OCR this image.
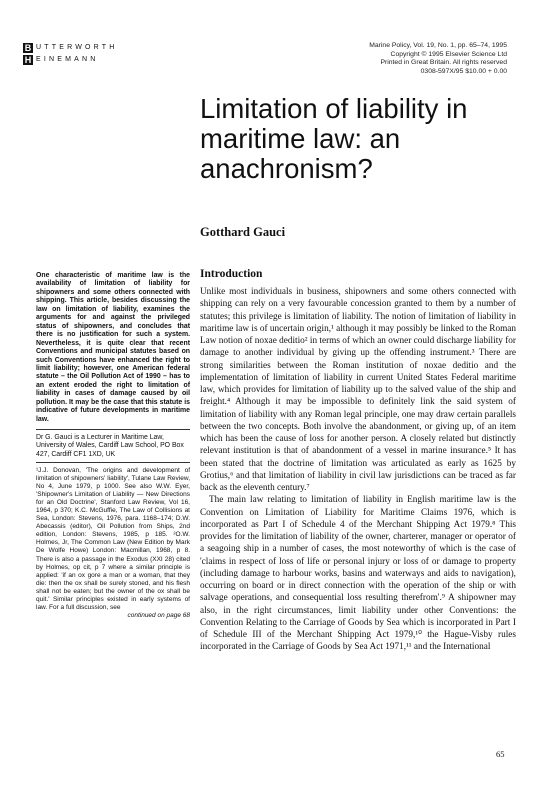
B UTTERWORTH
H EINEMANN
Marine Policy, Vol. 19, No. 1, pp. 65–74, 1995
Copyright © 1995 Elsevier Science Ltd
Printed in Great Britain. All rights reserved
0308-597X/95 $10.00 + 0.00
Limitation of liability in maritime law: an anachronism?
Gotthard Gauci
One characteristic of maritime law is the availability of limitation of liability for shipowners and some others connected with shipping. This article, besides discussing the law on limitation of liability, examines the arguments for and against the privileged status of shipowners, and concludes that there is no justification for such a system. Nevertheless, it is quite clear that recent Conventions and municipal statutes based on such Conventions have enhanced the right to limit liability; however, one American federal statute – the Oil Pollution Act of 1990 – has to an extent eroded the right to limitation of liability in cases of damage caused by oil pollution. It may be the case that this statute is indicative of future developments in maritime law.
Dr G. Gauci is a Lecturer in Maritime Law, University of Wales, Cardiff Law School, PO Box 427, Cardiff CF1 1XD, UK
¹J.J. Donovan, 'The origins and development of limitation of shipowners' liability', Tulane Law Review, No 4, June 1979, p 1000. See also W.W. Eyer, 'Shipowner's Limitation of Liability — New Directions for an Old Doctrine', Stanford Law Review, Vol 16, 1964, p 370; K.C. McGuffie, The Law of Collisions at Sea, London: Stevens, 1976, para. 1168–174; D.W. Abecassis (editor), Oil Pollution from Ships, 2nd edition, London: Stevens, 1985, p 185. ²O.W. Holmes, Jr, The Common Law (New Edition by Mark De Wolfe Howe) London: Macmillan, 1968, p 8. There is also a passage in the Exodus (XXI 28) cited by Holmes, op cit, p 7 where a similar principle is applied: 'if an ox gore a man or a woman, that they die: then the ox shall be surely stoned, and his flesh shall not be eaten; but the owner of the ox shall be quit.' Similar principles existed in early systems of law. For a full discussion, see
continued on page 68
Introduction

Unlike most individuals in business, shipowners and some others connected with shipping can rely on a very favourable concession granted to them by a number of statutes; this privilege is limitation of liability. The notion of limitation of liability in maritime law is of uncertain origin,¹ although it may possibly be linked to the Roman Law notion of noxae deditio² in terms of which an owner could discharge liability for damage to another individual by giving up the offending instrument.³ There are strong similarities between the Roman institution of noxae deditio and the implementation of limitation of liability in current United States Federal maritime law, which provides for limitation of liability up to the salved value of the ship and freight.⁴ Although it may be impossible to definitely link the said system of limitation of liability with any Roman legal principle, one may draw certain parallels between the two concepts. Both involve the abandonment, or giving up, of an item which has been the cause of loss for another person. A closely related but distinctly relevant institution is that of abandonment of a vessel in marine insurance.⁵ It has been stated that the doctrine of limitation was articulated as early as 1625 by Grotius,⁶ and that limitation of liability in civil law jurisdictions can be traced as far back as the eleventh century.⁷

The main law relating to limitation of liability in English maritime law is the Convention on Limitation of Liability for Maritime Claims 1976, which is incorporated as Part I of Schedule 4 of the Merchant Shipping Act 1979.⁸ This provides for the limitation of liability of the owner, charterer, manager or operator of a seagoing ship in a number of cases, the most noteworthy of which is the case of 'claims in respect of loss of life or personal injury or loss of or damage to property (including damage to harbour works, basins and waterways and aids to navigation), occurring on board or in direct connection with the operation of the ship or with salvage operations, and consequential loss resulting therefrom'.⁹ A shipowner may also, in the right circumstances, limit liability under other Conventions: the Convention Relating to the Carriage of Goods by Sea which is incorporated in Part I of Schedule III of the Merchant Shipping Act 1979,¹⁰ the Hague-Visby rules incorporated in the Carriage of Goods by Sea Act 1971,¹¹ and the International

65
